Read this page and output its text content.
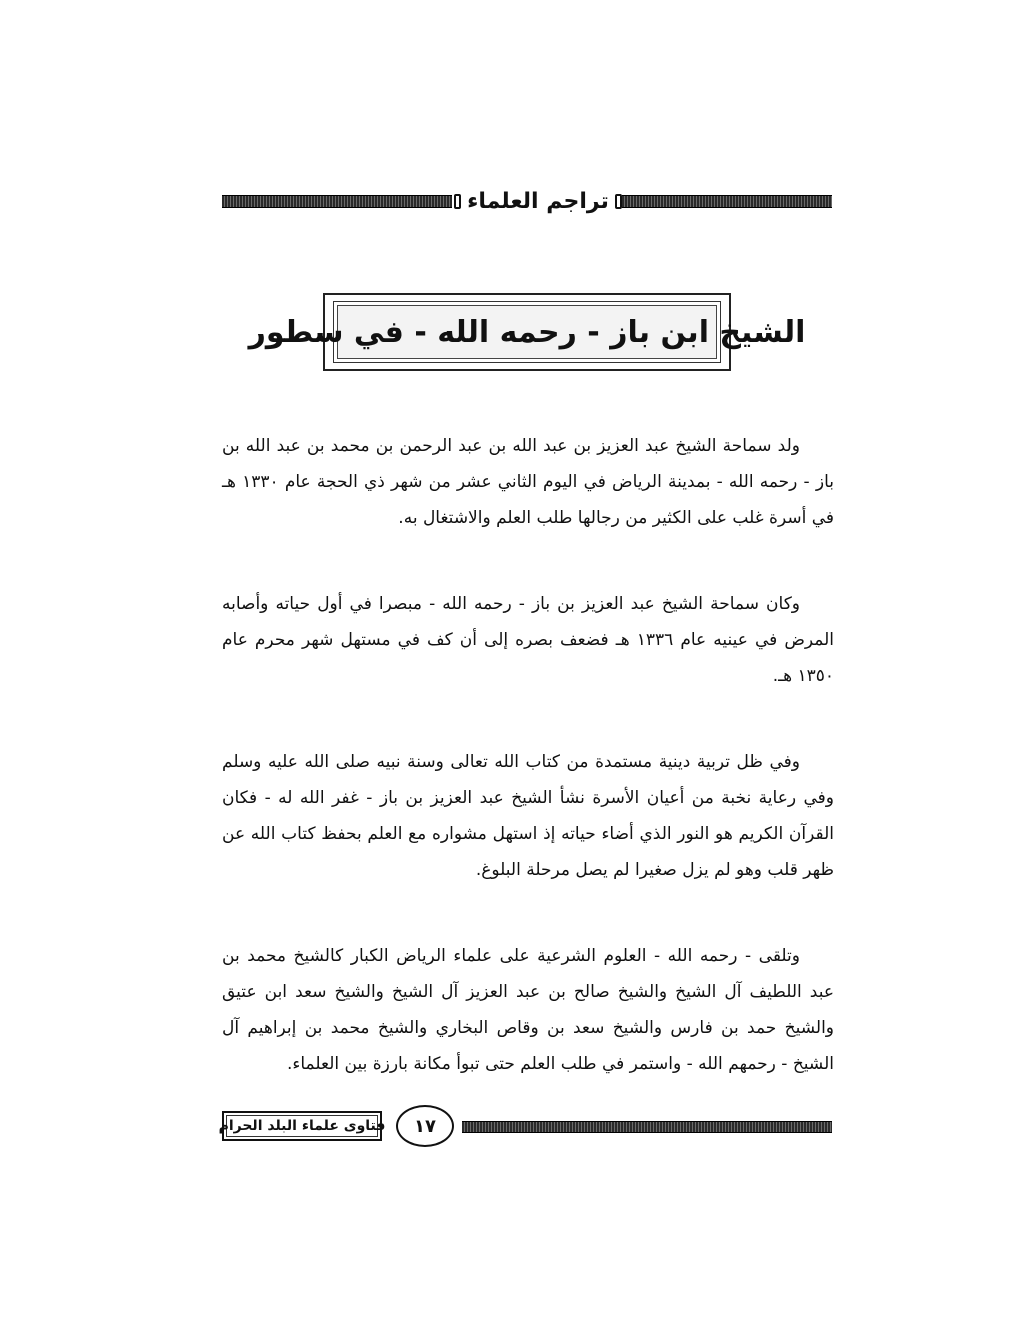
تراجم العلماء
الشيخ ابن باز - رحمه الله - في سطور

ولد سماحة الشيخ عبد العزيز بن عبد الله بن عبد الرحمن بن محمد بن عبد الله بن باز - رحمه الله - بمدينة الرياض في اليوم الثاني عشر من شهر ذي الحجة عام ١٣٣٠ هـ في أسرة غلب على الكثير من رجالها طلب العلم والاشتغال به.

وكان سماحة الشيخ عبد العزيز بن باز - رحمه الله - مبصرا في أول حياته وأصابه المرض في عينيه عام ١٣٣٦ هـ فضعف بصره إلى أن كف في مستهل شهر محرم عام ١٣٥٠ هـ.

وفي ظل تربية دينية مستمدة من كتاب الله تعالى وسنة نبيه صلى الله عليه وسلم وفي رعاية نخبة من أعيان الأسرة نشأ الشيخ عبد العزيز بن باز - غفر الله له - فكان القرآن الكريم هو النور الذي أضاء حياته إذ استهل مشواره مع العلم بحفظ كتاب الله عن ظهر قلب وهو لم يزل صغيرا لم يصل مرحلة البلوغ.

وتلقى - رحمه الله - العلوم الشرعية على علماء الرياض الكبار كالشيخ محمد بن عبد اللطيف آل الشيخ والشيخ صالح بن عبد العزيز آل الشيخ والشيخ سعد ابن عتيق والشيخ حمد بن فارس والشيخ سعد بن وقاص البخاري والشيخ محمد بن إبراهيم آل الشيخ - رحمهم الله - واستمر في طلب العلم حتى تبوأ مكانة بارزة بين العلماء.

فتاوى علماء البلد الحرام ١٧
